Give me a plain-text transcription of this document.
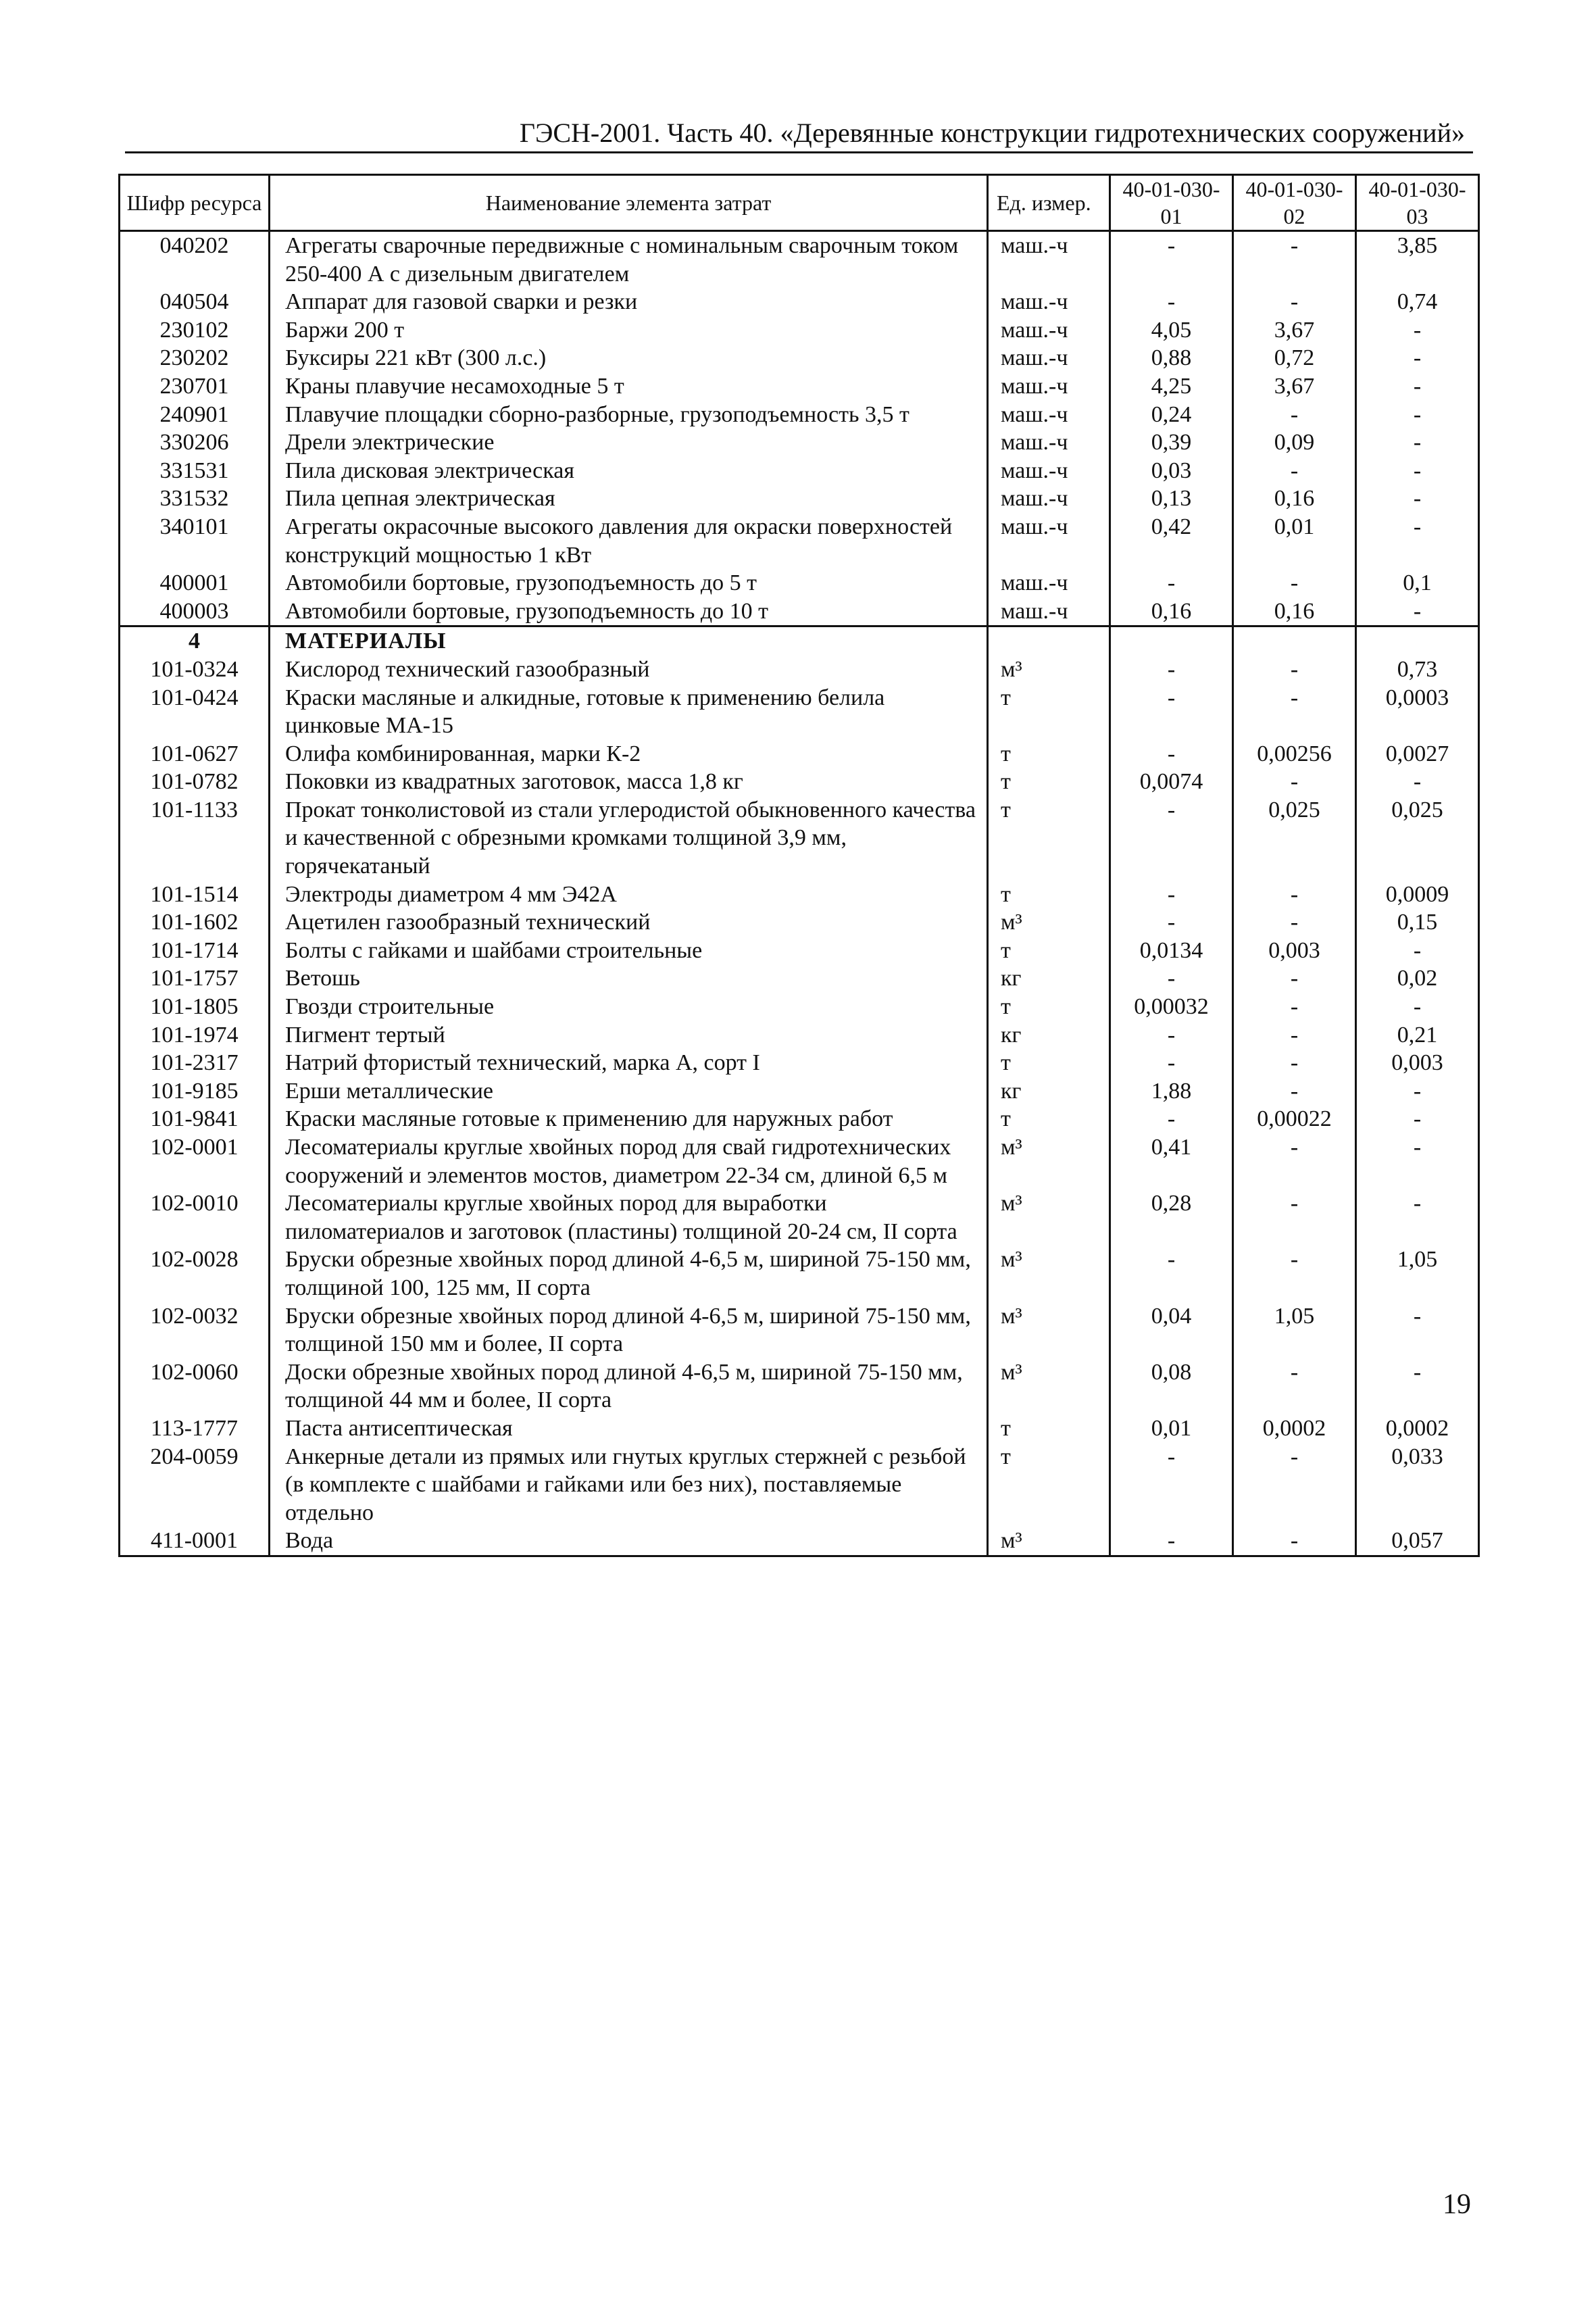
ГЭСН-2001. Часть 40. «Деревянные конструкции гидротехнических сооружений»
Шифр ресурса	Наименование элемента затрат	Ед. измер.	40-01-030-01	40-01-030-02	40-01-030-03
040202	Агрегаты сварочные передвижные с номинальным сварочным током 250-400 А с дизельным двигателем	маш.-ч	-	-	3,85
040504	Аппарат для газовой сварки и резки	маш.-ч	-	-	0,74
230102	Баржи 200 т	маш.-ч	4,05	3,67	-
230202	Буксиры 221 кВт (300 л.с.)	маш.-ч	0,88	0,72	-
230701	Краны плавучие несамоходные 5 т	маш.-ч	4,25	3,67	-
240901	Плавучие площадки сборно-разборные, грузоподъемность 3,5 т	маш.-ч	0,24	-	-
330206	Дрели электрические	маш.-ч	0,39	0,09	-
331531	Пила дисковая электрическая	маш.-ч	0,03	-	-
331532	Пила цепная электрическая	маш.-ч	0,13	0,16	-
340101	Агрегаты окрасочные высокого давления для окраски поверхностей конструкций мощностью 1 кВт	маш.-ч	0,42	0,01	-
400001	Автомобили бортовые, грузоподъемность до 5 т	маш.-ч	-	-	0,1
400003	Автомобили бортовые, грузоподъемность до 10 т	маш.-ч	0,16	0,16	-
4	МАТЕРИАЛЫ				
101-0324	Кислород технический газообразный	м³	-	-	0,73
101-0424	Краски масляные и алкидные, готовые к применению белила цинковые МА-15	т	-	-	0,0003
101-0627	Олифа комбинированная, марки К-2	т	-	0,00256	0,0027
101-0782	Поковки из квадратных заготовок, масса 1,8 кг	т	0,0074	-	-
101-1133	Прокат тонколистовой из стали углеродистой обыкновенного качества и качественной с обрезными кромками толщиной 3,9 мм, горячекатаный	т	-	0,025	0,025
101-1514	Электроды диаметром 4 мм Э42А	т	-	-	0,0009
101-1602	Ацетилен газообразный технический	м³	-	-	0,15
101-1714	Болты с гайками и шайбами строительные	т	0,0134	0,003	-
101-1757	Ветошь	кг	-	-	0,02
101-1805	Гвозди строительные	т	0,00032	-	-
101-1974	Пигмент тертый	кг	-	-	0,21
101-2317	Натрий фтористый технический, марка А, сорт I	т	-	-	0,003
101-9185	Ерши металлические	кг	1,88	-	-
101-9841	Краски масляные готовые к применению для наружных работ	т	-	0,00022	-
102-0001	Лесоматериалы круглые хвойных пород для свай гидротехнических сооружений и элементов мостов, диаметром 22-34 см, длиной 6,5 м	м³	0,41	-	-
102-0010	Лесоматериалы круглые хвойных пород для выработки пиломатериалов и заготовок (пластины) толщиной 20-24 см, II сорта	м³	0,28	-	-
102-0028	Бруски обрезные хвойных пород длиной 4-6,5 м, шириной 75-150 мм, толщиной 100, 125 мм, II сорта	м³	-	-	1,05
102-0032	Бруски обрезные хвойных пород длиной 4-6,5 м, шириной 75-150 мм, толщиной 150 мм и более, II сорта	м³	0,04	1,05	-
102-0060	Доски обрезные хвойных пород длиной 4-6,5 м, шириной 75-150 мм, толщиной 44 мм и более, II сорта	м³	0,08	-	-
113-1777	Паста антисептическая	т	0,01	0,0002	0,0002
204-0059	Анкерные детали из прямых или гнутых круглых стержней с резьбой (в комплекте с шайбами и гайками или без них), поставляемые отдельно	т	-	-	0,033
411-0001	Вода	м³	-	-	0,057
19
